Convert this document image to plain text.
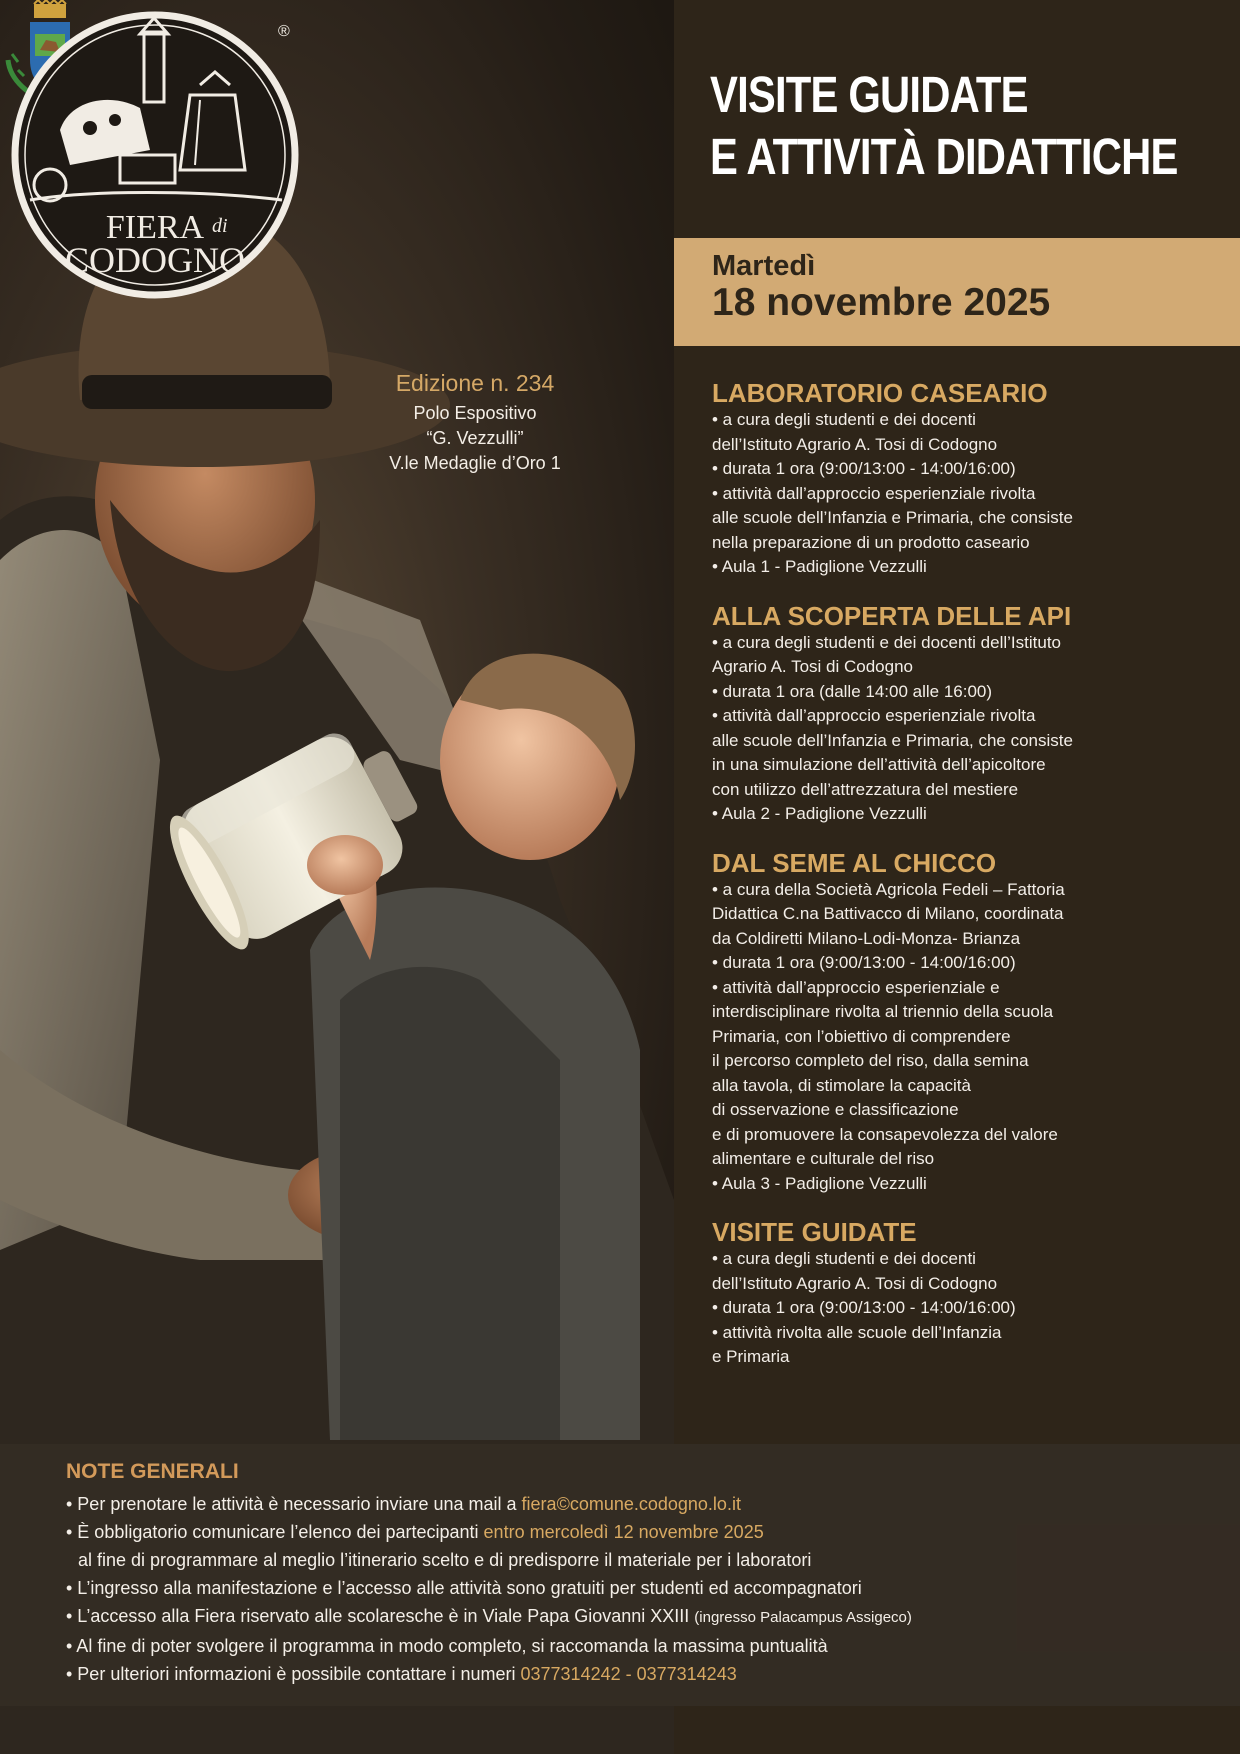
FIERA di
CODOGNO
®
Edizione n. 234
Polo Espositivo
“G. Vezzulli”
V.le Medaglie d’Oro 1
VISITE GUIDATE
E ATTIVITÀ DIDATTICHE
Martedì
18 novembre 2025
LABORATORIO CASEARIO

• a cura degli studenti e dei docenti

dell’Istituto Agrario A. Tosi di Codogno

• durata 1 ora (9:00/13:00 - 14:00/16:00)

• attività dall’approccio esperienziale rivolta

alle scuole dell’Infanzia e Primaria, che consiste

nella preparazione di un prodotto caseario

• Aula 1 - Padiglione Vezzulli

ALLA SCOPERTA DELLE API

• a cura degli studenti e dei docenti dell’Istituto

Agrario A. Tosi di Codogno

• durata 1 ora (dalle 14:00 alle 16:00)

• attività dall’approccio esperienziale rivolta

alle scuole dell’Infanzia e Primaria, che consiste

in una simulazione dell’attività dell’apicoltore

con utilizzo dell’attrezzatura del mestiere

• Aula 2 - Padiglione Vezzulli

DAL SEME AL CHICCO

• a cura della Società Agricola Fedeli – Fattoria

Didattica C.na Battivacco di Milano, coordinata

da Coldiretti Milano-Lodi-Monza- Brianza

• durata 1 ora (9:00/13:00 - 14:00/16:00)

• attività dall’approccio esperienziale e

interdisciplinare rivolta al triennio della scuola

Primaria, con l’obiettivo di comprendere

il percorso completo del riso, dalla semina

alla tavola, di stimolare la capacità

di osservazione e classificazione

e di promuovere la consapevolezza del valore

alimentare e culturale del riso

• Aula 3 - Padiglione Vezzulli

VISITE GUIDATE

• a cura degli studenti e dei docenti

dell’Istituto Agrario A. Tosi di Codogno

• durata 1 ora (9:00/13:00 - 14:00/16:00)

• attività rivolta alle scuole dell’Infanzia

e Primaria

NOTE GENERALI
• Per prenotare le attività è necessario inviare una mail a fiera©comune.codogno.lo.it
• È obbligatorio comunicare l’elenco dei partecipanti entro mercoledì 12 novembre 2025
al fine di programmare al meglio l’itinerario scelto e di predisporre il materiale per i laboratori
• L’ingresso alla manifestazione e l’accesso alle attività sono gratuiti per studenti ed accompagnatori
• L’accesso alla Fiera riservato alle scolaresche è in Viale Papa Giovanni XXIII (ingresso Palacampus Assigeco)
• Al fine di poter svolgere il programma in modo completo, si raccomanda la massima puntualità
• Per ulteriori informazioni è possibile contattare i numeri 0377314242 - 0377314243
